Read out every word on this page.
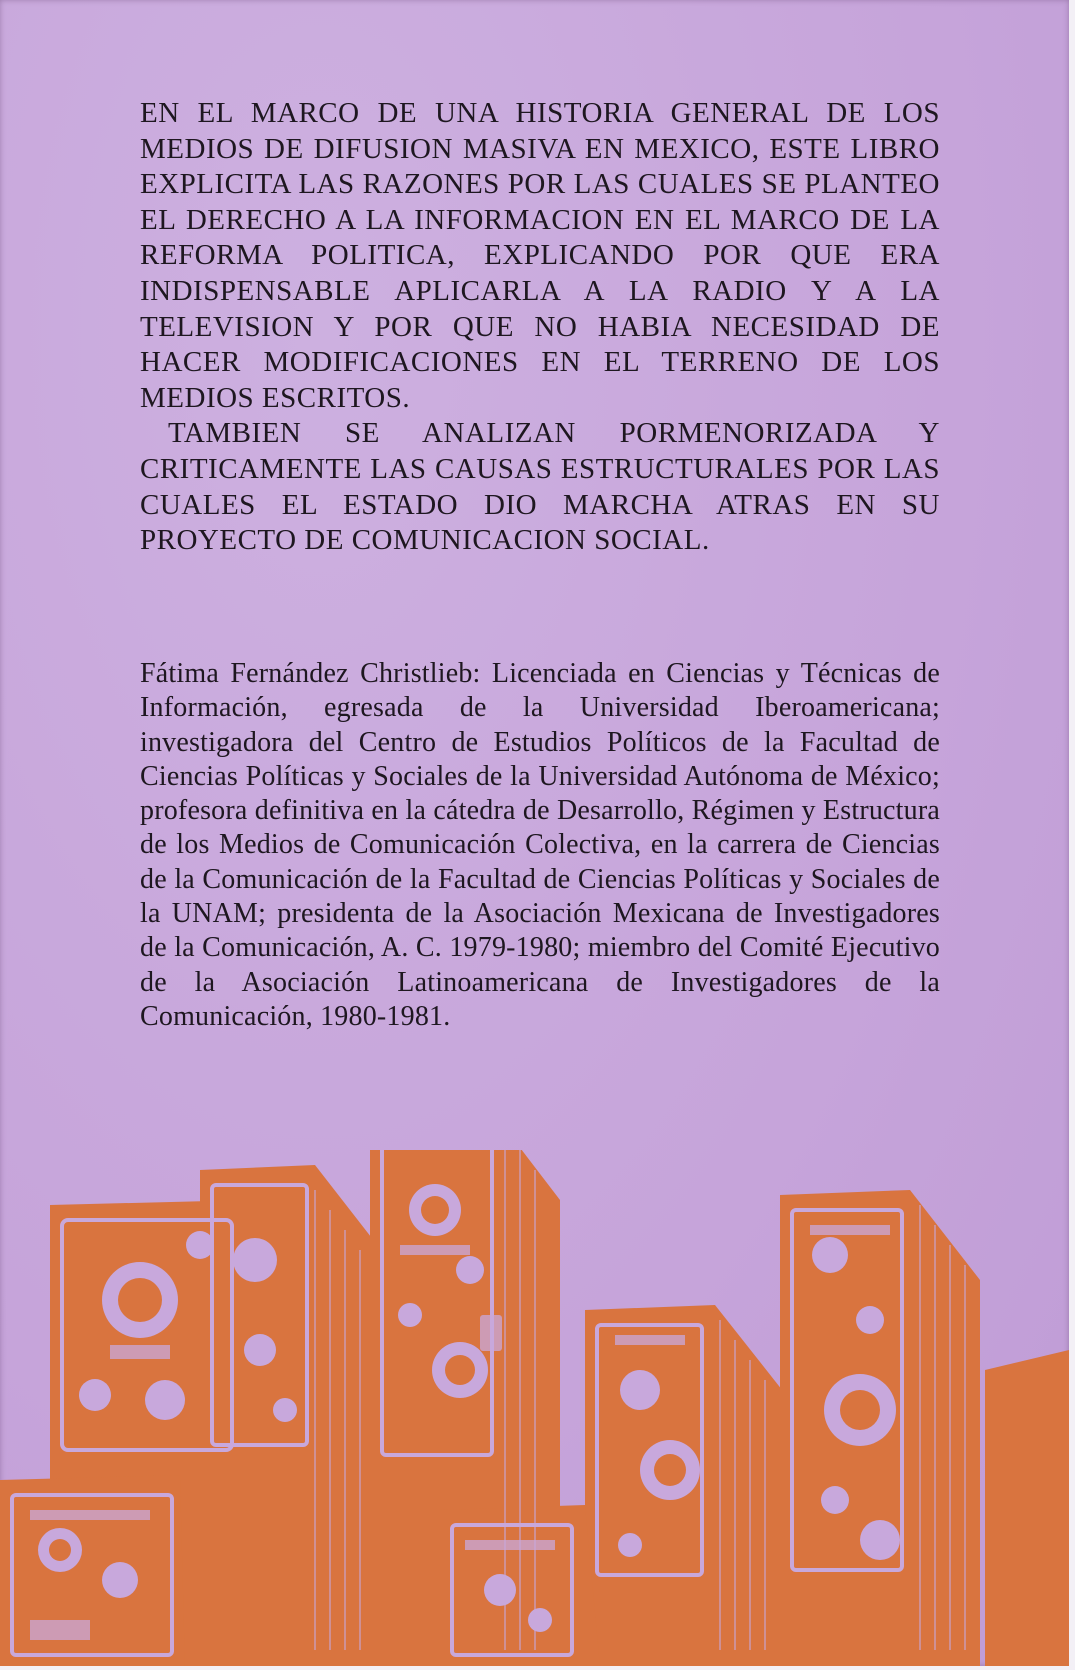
EN EL MARCO DE UNA HISTORIA GENERAL DE LOS MEDIOS DE DIFUSION MASIVA EN MEXICO, ESTE LIBRO EXPLICITA LAS RAZONES POR LAS CUALES SE PLANTEO EL DERECHO A LA INFORMACION EN EL MARCO DE LA REFORMA POLITICA, EXPLICANDO POR QUE ERA INDISPENSABLE APLICARLA A LA RADIO Y A LA TELEVISION Y POR QUE NO HABIA NECESIDAD DE HACER MODIFICACIONES EN EL TERRENO DE LOS MEDIOS ESCRITOS.

TAMBIEN SE ANALIZAN PORMENORIZADA Y CRITICAMENTE LAS CAUSAS ESTRUCTURALES POR LAS CUALES EL ESTADO DIO MARCHA ATRAS EN SU PROYECTO DE COMUNICACION SOCIAL.

Fátima Fernández Christlieb: Licenciada en Ciencias y Técnicas de Información, egresada de la Universidad Iberoamericana; investigadora del Centro de Estudios Políticos de la Facultad de Ciencias Políticas y Sociales de la Universidad Autónoma de México; profesora definitiva en la cátedra de Desarrollo, Régimen y Estructura de los Medios de Comunicación Colectiva, en la carrera de Ciencias de la Comunicación de la Facultad de Ciencias Políticas y Sociales de la UNAM; presidenta de la Asociación Mexicana de Investigadores de la Comunicación, A. C. 1979-1980; miembro del Comité Ejecutivo de la Asociación Latinoamericana de Investigadores de la Comunicación, 1980-1981.
